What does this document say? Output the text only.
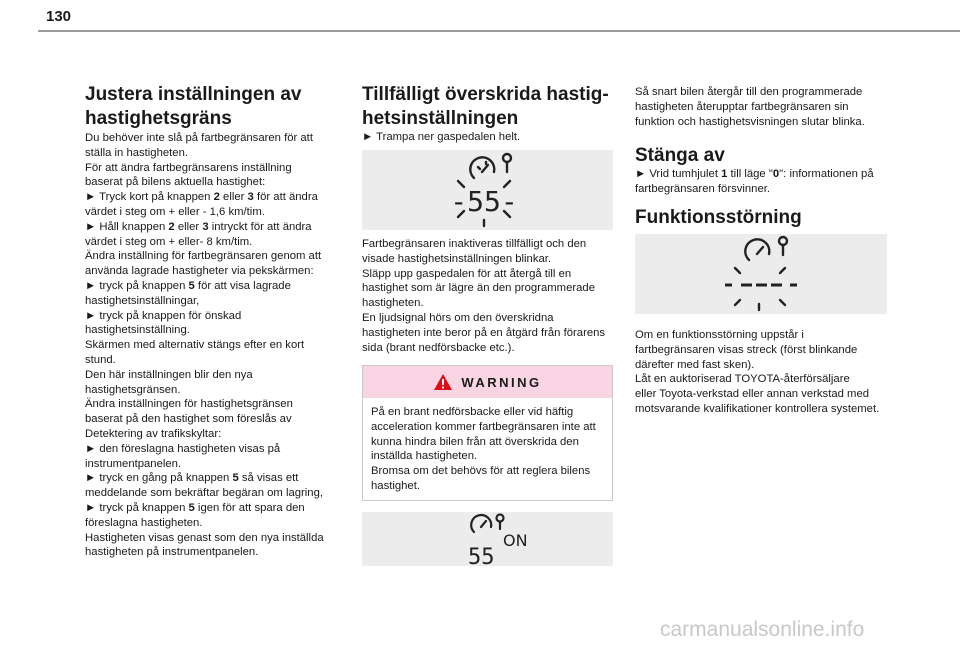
130
Justera inställningen av hastighetsgräns

Du behöver inte slå på fartbegränsaren för att

ställa in hastigheten.

För att ändra fartbegränsarens inställning

baserat på bilens aktuella hastighet:

► Tryck kort på knappen 2 eller 3 för att ändra

värdet i steg om + eller - 1,6 km/tim.

► Håll knappen 2 eller 3 intryckt för att ändra

värdet i steg om + eller- 8 km/tim.

Ändra inställning för fartbegränsaren genom att

använda lagrade hastigheter via pekskärmen:

► tryck på knappen 5 för att visa lagrade

hastighetsinställningar,

► tryck på knappen för önskad

hastighetsinställning.

Skärmen med alternativ stängs efter en kort

stund.

Den här inställningen blir den nya

hastighetsgränsen.

Ändra inställningen för hastighetsgränsen

baserat på den hastighet som föreslås av

Detektering av trafikskyltar:

► den föreslagna hastigheten visas på

instrumentpanelen.

► tryck en gång på knappen 5 så visas ett

meddelande som bekräftar begäran om lagring,

► tryck på knappen 5 igen för att spara den

föreslagna hastigheten.

Hastigheten visas genast som den nya inställda

hastigheten på instrumentpanelen.

Tillfälligt överskrida hastig-
hetsinställningen
► Trampa ner gaspedalen helt.
-55-

Fartbegränsaren inaktiveras tillfälligt och den

visade hastighetsinställningen blinkar.

Släpp upp gaspedalen för att återgå till en

hastighet som är lägre än den programmerade

hastigheten.

En ljudsignal hörs om den överskridna

hastigheten inte beror på en åtgärd från förarens

sida (brant nedförsbacke etc.).

WARNING

På en brant nedförsbacke eller vid häftig

acceleration kommer fartbegränsaren inte att

kunna hindra bilen från att överskrida den

inställda hastigheten.

Bromsa om det behövs för att reglera bilens

hastighet.

ON
55

Så snart bilen återgår till den programmerade

hastigheten återupptar fartbegränsaren sin

funktion och hastighetsvisningen slutar blinka.

Stänga av

► Vrid tumhjulet 1 till läge "0": informationen på

fartbegränsaren försvinner.

Funktionsstörning

Om en funktionsstörning uppstår i

fartbegränsaren visas streck (först blinkande

därefter med fast sken).

Låt en auktoriserad TOYOTA-återförsäljare

eller Toyota-verkstad eller annan verkstad med

motsvarande kvalifikationer kontrollera systemet.

carmanualsonline.info
